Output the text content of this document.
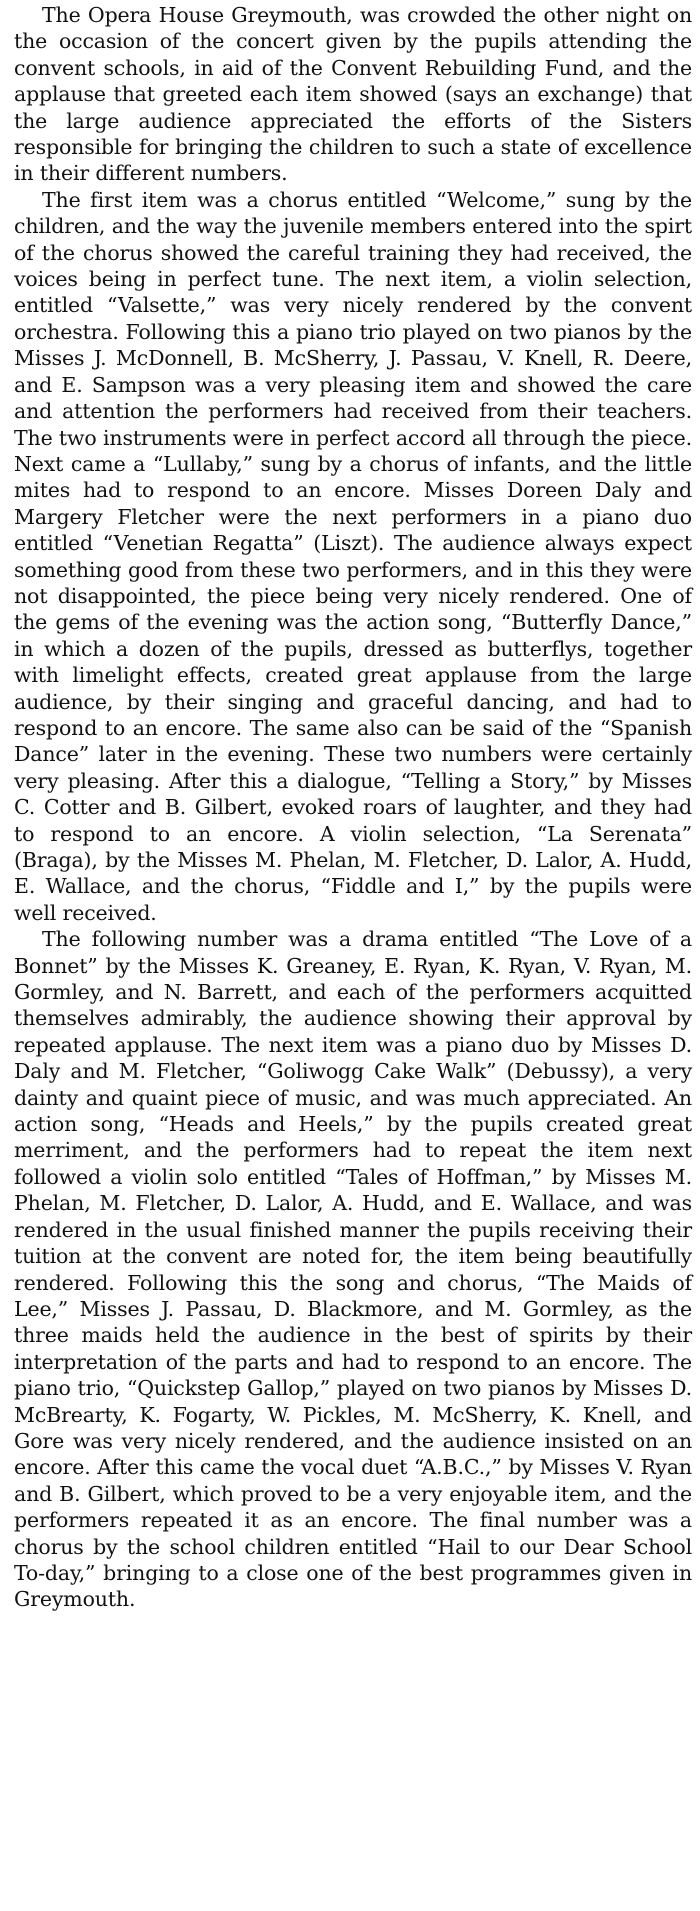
The Opera House Greymouth, was crowded the other night on the occasion of the concert given by the pupils attending the convent schools, in aid of the Convent Rebuilding Fund, and the applause that greeted each item showed (says an exchange) that the large audience appreciated the efforts of the Sisters responsible for bringing the children to such a state of excellence in their different numbers.

The first item was a chorus entitled “Welcome,” sung by the children, and the way the juvenile members entered into the spirt of the chorus showed the careful training they had received, the voices being in perfect tune. The next item, a violin selection, entitled “Valsette,” was very nicely rendered by the convent orchestra. Following this a piano trio played on two pianos by the Misses J. McDonnell, B. McSherry, J. Passau, V. Knell, R. Deere, and E. Sampson was a very pleasing item and showed the care and attention the performers had received from their teachers. The two instruments were in perfect accord all through the piece. Next came a “Lullaby,” sung by a chorus of infants, and the little mites had to respond to an encore. Misses Doreen Daly and Margery Fletcher were the next performers in a piano duo entitled “Venetian Regatta” (Liszt). The audience always expect something good from these two performers, and in this they were not disappointed, the piece being very nicely rendered. One of the gems of the evening was the action song, “Butterfly Dance,” in which a dozen of the pupils, dressed as butterflys, together with limelight effects, created great applause from the large audience, by their singing and graceful dancing, and had to respond to an encore. The same also can be said of the “Spanish Dance” later in the evening. These two numbers were certainly very pleasing. After this a dialogue, “Telling a Story,” by Misses C. Cotter and B. Gilbert, evoked roars of laughter, and they had to respond to an encore. A violin selection, “La Serenata” (Braga), by the Misses M. Phelan, M. Fletcher, D. Lalor, A. Hudd, E. Wallace, and the chorus, “Fiddle and I,” by the pupils were well received.

The following number was a drama entitled “The Love of a Bonnet” by the Misses K. Greaney, E. Ryan, K. Ryan, V. Ryan, M. Gormley, and N. Barrett, and each of the performers acquitted themselves admirably, the audience showing their approval by repeated applause. The next item was a piano duo by Misses D. Daly and M. Fletcher, “Goliwogg Cake Walk” (Debussy), a very dainty and quaint piece of music, and was much appreciated. An action song, “Heads and Heels,” by the pupils created great merriment, and the performers had to repeat the item next followed a violin solo entitled “Tales of Hoffman,” by Misses M. Phelan, M. Fletcher, D. Lalor, A. Hudd, and E. Wallace, and was rendered in the usual finished manner the pupils receiving their tuition at the convent are noted for, the item being beautifully rendered. Following this the song and chorus, “The Maids of Lee,” Misses J. Passau, D. Blackmore, and M. Gormley, as the three maids held the audience in the best of spirits by their interpretation of the parts and had to respond to an encore. The piano trio, “Quickstep Gallop,” played on two pianos by Misses D. McBrearty, K. Fogarty, W. Pickles, M. McSherry, K. Knell, and Gore was very nicely rendered, and the audience insisted on an encore. After this came the vocal duet “A.B.C.,” by Misses V. Ryan and B. Gilbert, which proved to be a very enjoyable item, and the performers repeated it as an encore. The final number was a chorus by the school children entitled “Hail to our Dear School To-day,” bringing to a close one of the best programmes given in Greymouth.
